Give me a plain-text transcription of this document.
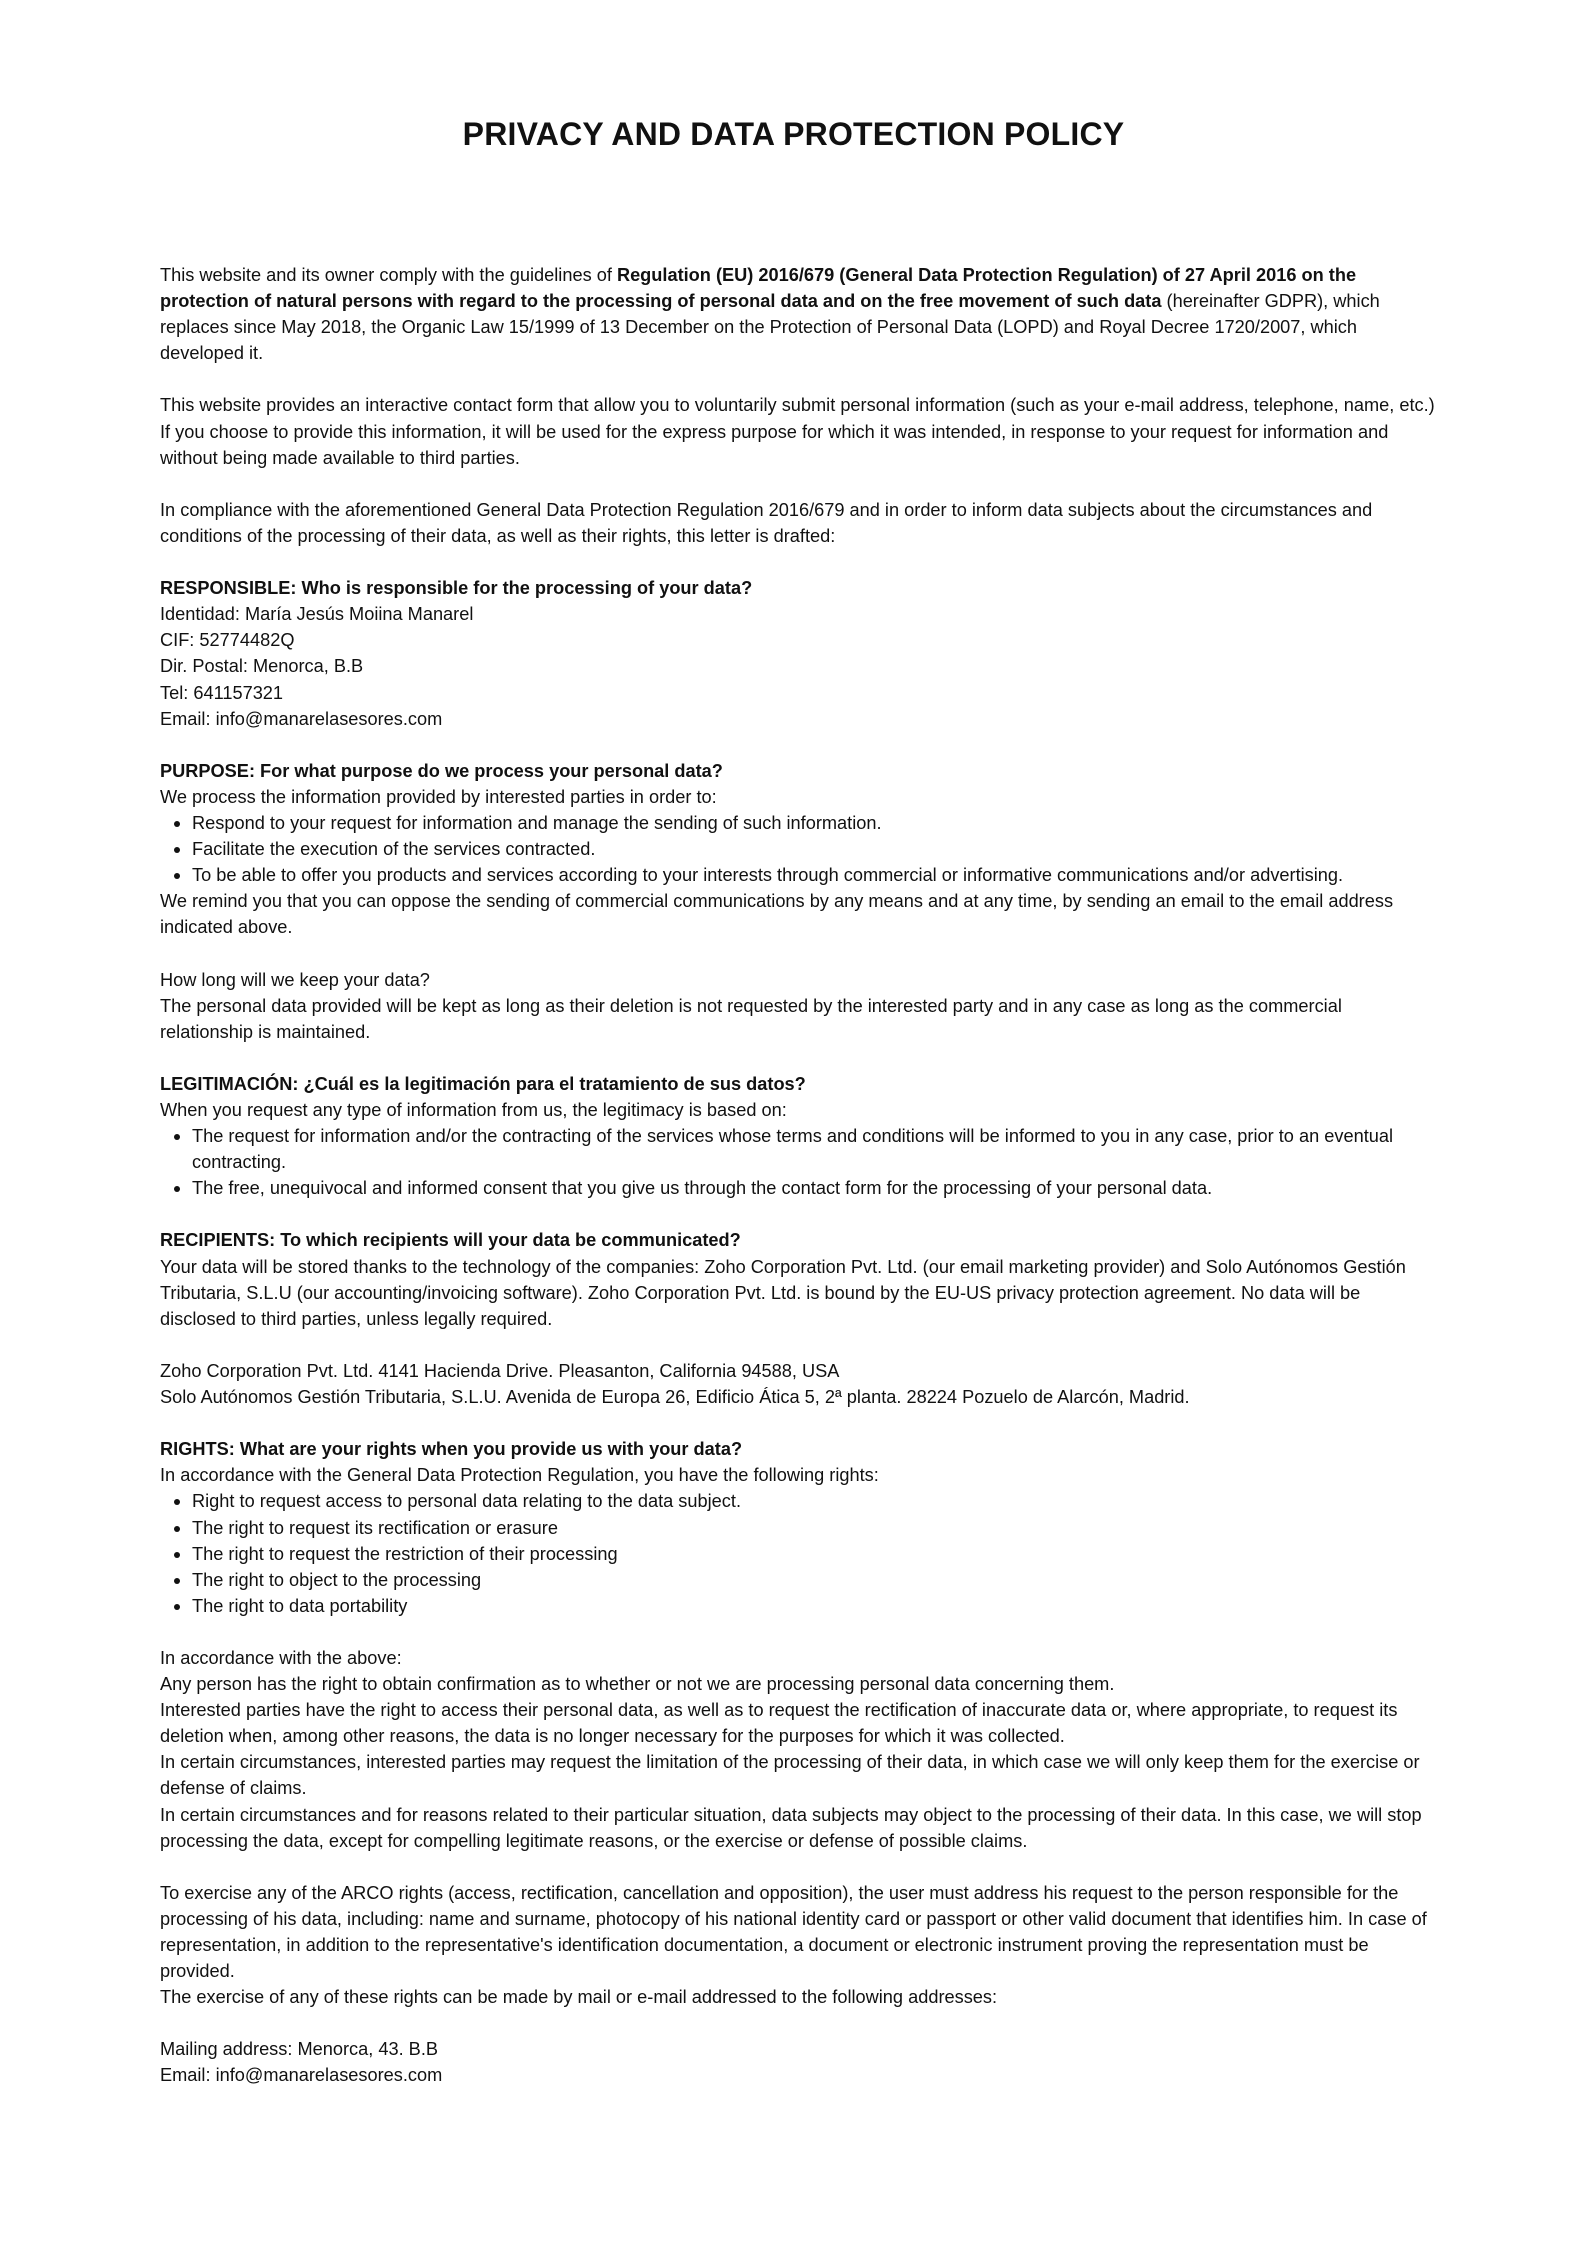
PRIVACY AND DATA PROTECTION POLICY

This website and its owner comply with the guidelines of Regulation (EU) 2016/679 (General Data Protection Regulation) of 27 April 2016 on the protection of natural persons with regard to the processing of personal data and on the free movement of such data (hereinafter GDPR), which replaces since May 2018, the Organic Law 15/1999 of 13 December on the Protection of Personal Data (LOPD) and Royal Decree 1720/2007, which developed it.

This website provides an interactive contact form that allow you to voluntarily submit personal information (such as your e-mail address, telephone, name, etc.) If you choose to provide this information, it will be used for the express purpose for which it was intended, in response to your request for information and without being made available to third parties.

In compliance with the aforementioned General Data Protection Regulation 2016/679 and in order to inform data subjects about the circumstances and conditions of the processing of their data, as well as their rights, this letter is drafted:

RESPONSIBLE: Who is responsible for the processing of your data?

Identidad: María Jesús Moiina Manarel

CIF: 52774482Q

Dir. Postal: Menorca, B.B

Tel: 641157321

Email: info@manarelasesores.com

PURPOSE: For what purpose do we process your personal data?

We process the information provided by interested parties in order to:

Respond to your request for information and manage the sending of such information.
Facilitate the execution of the services contracted.
To be able to offer you products and services according to your interests through commercial or informative communications and/or advertising.

We remind you that you can oppose the sending of commercial communications by any means and at any time, by sending an email to the email address indicated above.

How long will we keep your data?

The personal data provided will be kept as long as their deletion is not requested by the interested party and in any case as long as the commercial relationship is maintained.

LEGITIMACIÓN: ¿Cuál es la legitimación para el tratamiento de sus datos?

When you request any type of information from us, the legitimacy is based on:

The request for information and/or the contracting of the services whose terms and conditions will be informed to you in any case, prior to an eventual contracting.
The free, unequivocal and informed consent that you give us through the contact form for the processing of your personal data.

RECIPIENTS: To which recipients will your data be communicated?

Your data will be stored thanks to the technology of the companies: Zoho Corporation Pvt. Ltd. (our email marketing provider) and Solo Autónomos Gestión Tributaria, S.L.U (our accounting/invoicing software). Zoho Corporation Pvt. Ltd. is bound by the EU-US privacy protection agreement. No data will be disclosed to third parties, unless legally required.

Zoho Corporation Pvt. Ltd. 4141 Hacienda Drive. Pleasanton, California 94588, USA

Solo Autónomos Gestión Tributaria, S.L.U. Avenida de Europa 26, Edificio Ática 5, 2ª planta. 28224 Pozuelo de Alarcón, Madrid.

RIGHTS: What are your rights when you provide us with your data?

In accordance with the General Data Protection Regulation, you have the following rights:

Right to request access to personal data relating to the data subject.
The right to request its rectification or erasure
The right to request the restriction of their processing
The right to object to the processing
The right to data portability

In accordance with the above:

Any person has the right to obtain confirmation as to whether or not we are processing personal data concerning them.

Interested parties have the right to access their personal data, as well as to request the rectification of inaccurate data or, where appropriate, to request its deletion when, among other reasons, the data is no longer necessary for the purposes for which it was collected.

In certain circumstances, interested parties may request the limitation of the processing of their data, in which case we will only keep them for the exercise or defense of claims.

In certain circumstances and for reasons related to their particular situation, data subjects may object to the processing of their data. In this case, we will stop processing the data, except for compelling legitimate reasons, or the exercise or defense of possible claims.

To exercise any of the ARCO rights (access, rectification, cancellation and opposition), the user must address his request to the person responsible for the processing of his data, including: name and surname, photocopy of his national identity card or passport or other valid document that identifies him. In case of representation, in addition to the representative's identification documentation, a document or electronic instrument proving the representation must be provided.

The exercise of any of these rights can be made by mail or e-mail addressed to the following addresses:

Mailing address: Menorca, 43. B.B

Email: info@manarelasesores.com
